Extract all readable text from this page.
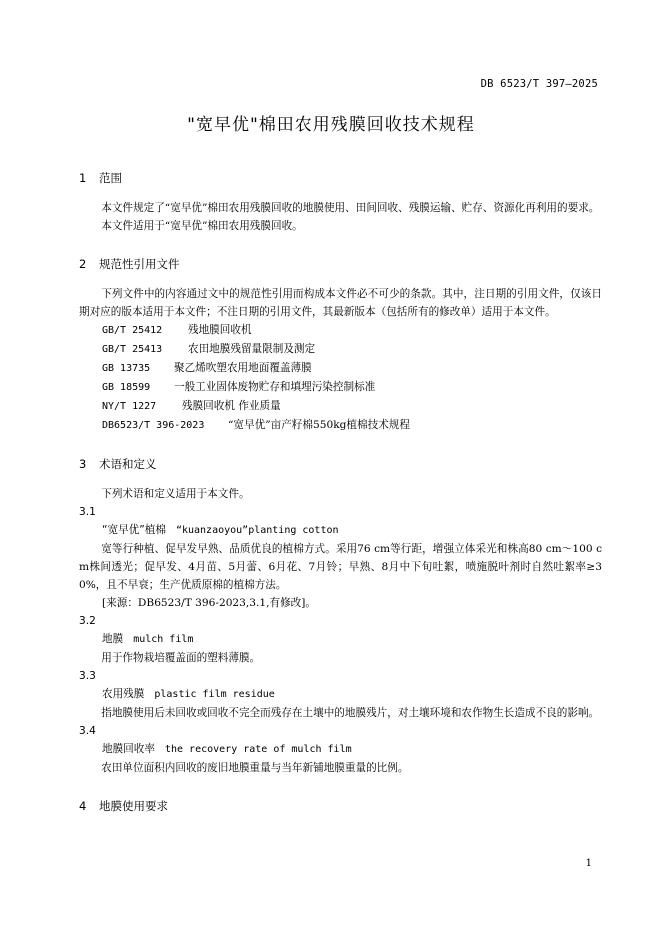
DB 6523/T 397—2025
"宽早优"棉田农用残膜回收技术规程
1	范围
本文件规定了“宽早优”棉田农用残膜回收的地膜使用、田间回收、残膜运输、贮存、资源化再利用的要求。
本文件适用于“宽早优”棉田农用残膜回收。
2	规范性引用文件
下列文件中的内容通过文中的规范性引用而构成本文件必不可少的条款。其中，注日期的引用文件，仅该日期对应的版本适用于本文件；不注日期的引用文件，其最新版本（包括所有的修改单）适用于本文件。
GB/T 25412 残地膜回收机
GB/T 25413 农田地膜残留量限制及测定
GB 13735 聚乙烯吹塑农用地面覆盖薄膜
GB 18599 一般工业固体废物贮存和填埋污染控制标准
NY/T 1227 残膜回收机 作业质量
DB6523/T 396-2023 “宽早优”亩产籽棉550kg植棉技术规程
3	术语和定义
下列术语和定义适用于本文件。
3.1
“宽早优”植棉 “kuanzaoyou”planting cotton
宽等行种植、促早发早熟、品质优良的植棉方式。采用76 cm等行距，增强立体采光和株高80 cm～100 cm株间透光；促早发、4月苗、5月蕾、6月花、7月铃；早熟、8月中下旬吐絮，喷施脱叶剂时自然吐絮率≥30%，且不早衰；生产优质原棉的植棉方法。
[来源：DB6523/T 396-2023,3.1,有修改]。
3.2
地膜 mulch film
用于作物栽培覆盖面的塑料薄膜。
3.3
农用残膜 plastic film residue
指地膜使用后未回收或回收不完全而残存在土壤中的地膜残片，对土壤环境和农作物生长造成不良的影响。
3.4
地膜回收率 the recovery rate of mulch film
农田单位面积内回收的废旧地膜重量与当年新铺地膜重量的比例。
4	地膜使用要求
1
